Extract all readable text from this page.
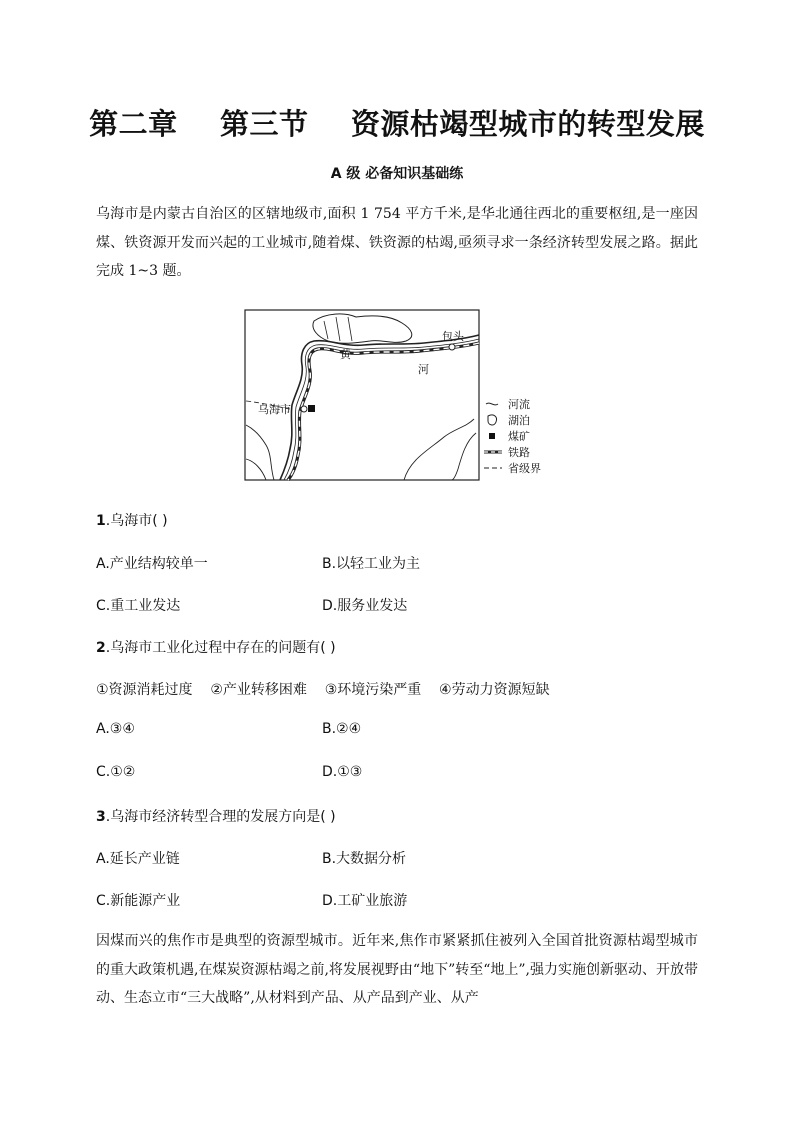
第二章    第三节    资源枯竭型城市的转型发展
A 级 必备知识基础练

乌海市是内蒙古自治区的区辖地级市,面积 1 754 平方千米,是华北通往西北的重要枢纽,是一座因煤、铁资源开发而兴起的工业城市,随着煤、铁资源的枯竭,亟须寻求一条经济转型发展之路。据此完成 1~3 题。

包头
黄
河
乌海市	河流
湖泊
煤矿
铁路
省级界
1.乌海市( )
A.产业结构较单一	B.以轻工业为主
C.重工业发达	D.服务业发达
2.乌海市工业化过程中存在的问题有( )
①资源消耗过度    ②产业转移困难    ③环境污染严重    ④劳动力资源短缺
A.③④	B.②④
C.①②	D.①③
3.乌海市经济转型合理的发展方向是( )
A.延长产业链	B.大数据分析
C.新能源产业	D.工矿业旅游

因煤而兴的焦作市是典型的资源型城市。近年来,焦作市紧紧抓住被列入全国首批资源枯竭型城市的重大政策机遇,在煤炭资源枯竭之前,将发展视野由“地下”转至“地上”,强力实施创新驱动、开放带动、生态立市“三大战略”,从材料到产品、从产品到产业、从产
